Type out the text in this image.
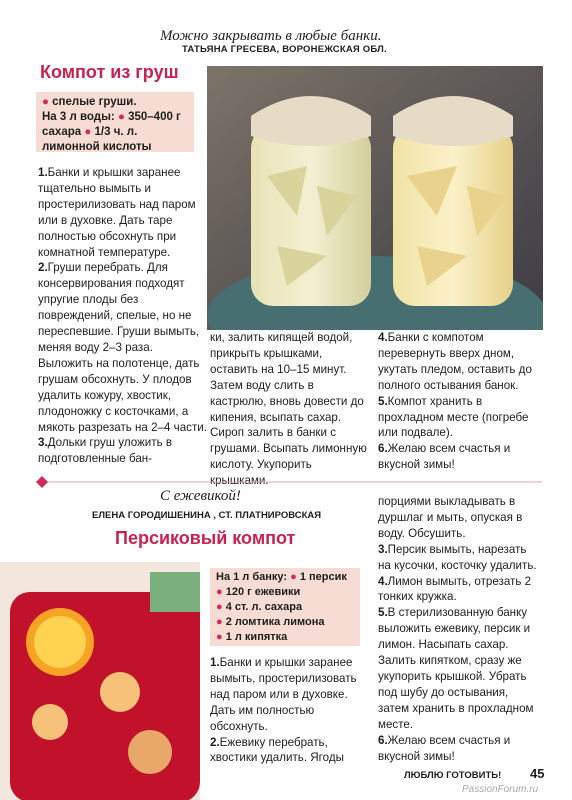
Можно закрывать в любые банки.
ТАТЬЯНА ГРЕСЕВА, ВОРОНЕЖСКАЯ ОБЛ.
Компот из груш
● спелые груши.
На 3 л воды: ● 350–400 г сахара ● 1/3 ч. л. лимонной кислоты
1.Банки и крышки заранее тщательно вымыть и простерилизовать над паром или в духовке. Дать таре полностью обсохнуть при комнатной температуре.
2.Груши перебрать. Для консервирования подходят упругие плоды без повреждений, спелые, но не переспевшие. Груши вымыть, меняя воду 2–3 раза. Выложить на полотенце, дать грушам обсохнуть. У плодов удалить кожуру, хвостик, плодоножку с косточками, а мякоть разрезать на 2–4 части.
3.Дольки груш уложить в подготовленные бан-
ки, залить кипящей водой, прикрыть крышками, оставить на 10–15 минут. Затем воду слить в кастрюлю, вновь довести до кипения, всыпать сахар. Сироп залить в банки с грушами. Всыпать лимонную кислоту. Укупорить крышками.
4.Банки с компотом перевернуть вверх дном, укутать пледом, оставить до полного остывания банок.
5.Компот хранить в прохладном месте (погребе или подвале).
6.Желаю всем счастья и вкусной зимы!
С ежевикой!
ЕЛЕНА ГОРОДИШЕНИНА , СТ. ПЛАТНИРОВСКАЯ
Персиковый компот
порциями выкладывать в дуршлаг и мыть, опуская в воду. Обсушить.
3.Персик вымыть, нарезать на кусочки, косточку удалить.
4.Лимон вымыть, отрезать 2 тонких кружка.
5.В стерилизованную банку выложить ежевику, персик и лимон. Насыпать сахар. Залить кипятком, сразу же укупорить крышкой. Убрать под шубу до остывания, затем хранить в прохладном месте.
6.Желаю всем счастья и вкусной зимы!
На 1 л банку: ● 1 персик
● 120 г ежевики
● 4 ст. л. сахара
● 2 ломтика лимона
● 1 л кипятка
1.Банки и крышки заранее вымыть, простерилизовать над паром или в духовке. Дать им полностью обсохнуть.
2.Ежевику перебрать, хвостики удалить. Ягоды
ЛЮБЛЮ ГОТОВИТЬ! 45
PassionForum.ru
